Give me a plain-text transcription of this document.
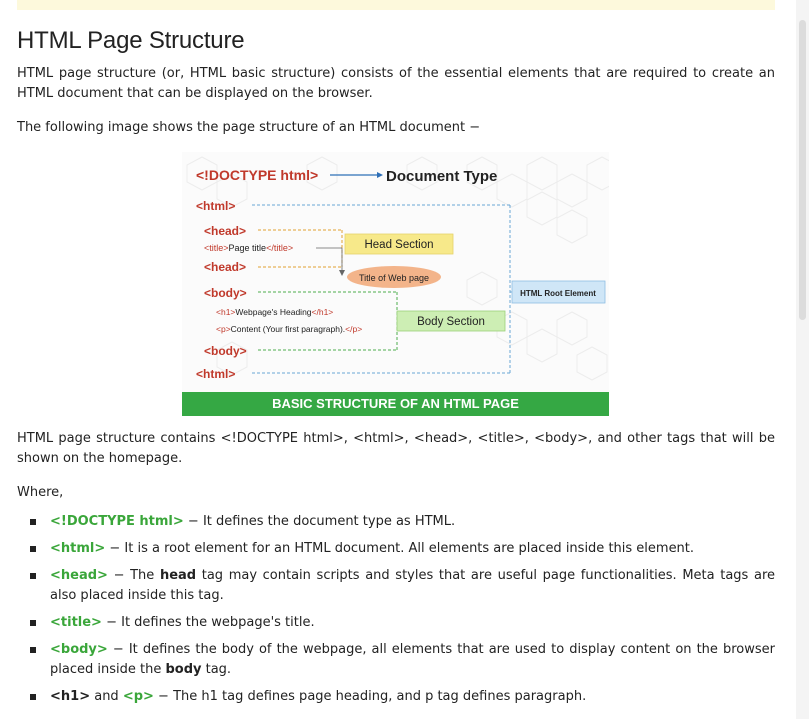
HTML Page Structure

HTML page structure (or, HTML basic structure) consists of the essential elements that are required to create an HTML document that can be displayed on the browser.

The following image shows the page structure of an HTML document −

<!DOCTYPE html>	Document Type
<html>
<head>
<title>Page title</title>
<head>
Head Section
Title of Web page
HTML Root Element
<body>
<h1>Webpage's Heading</h1>
<p>Content (Your first paragraph).</p>
Body Section
<body>
<html>
BASIC STRUCTURE OF AN HTML PAGE

HTML page structure contains <!DOCTYPE html>, <html>, <head>, <title>, <body>, and other tags that will be shown on the homepage.

Where,

<!DOCTYPE html> − It defines the document type as HTML.
<html> − It is a root element for an HTML document. All elements are placed inside this element.
<head> − The head tag may contain scripts and styles that are useful page functionalities. Meta tags are also placed inside this tag.
<title> − It defines the webpage's title.
<body> − It defines the body of the webpage, all elements that are used to display content on the browser placed inside the body tag.
<h1> and <p> − The h1 tag defines page heading, and p tag defines paragraph.
